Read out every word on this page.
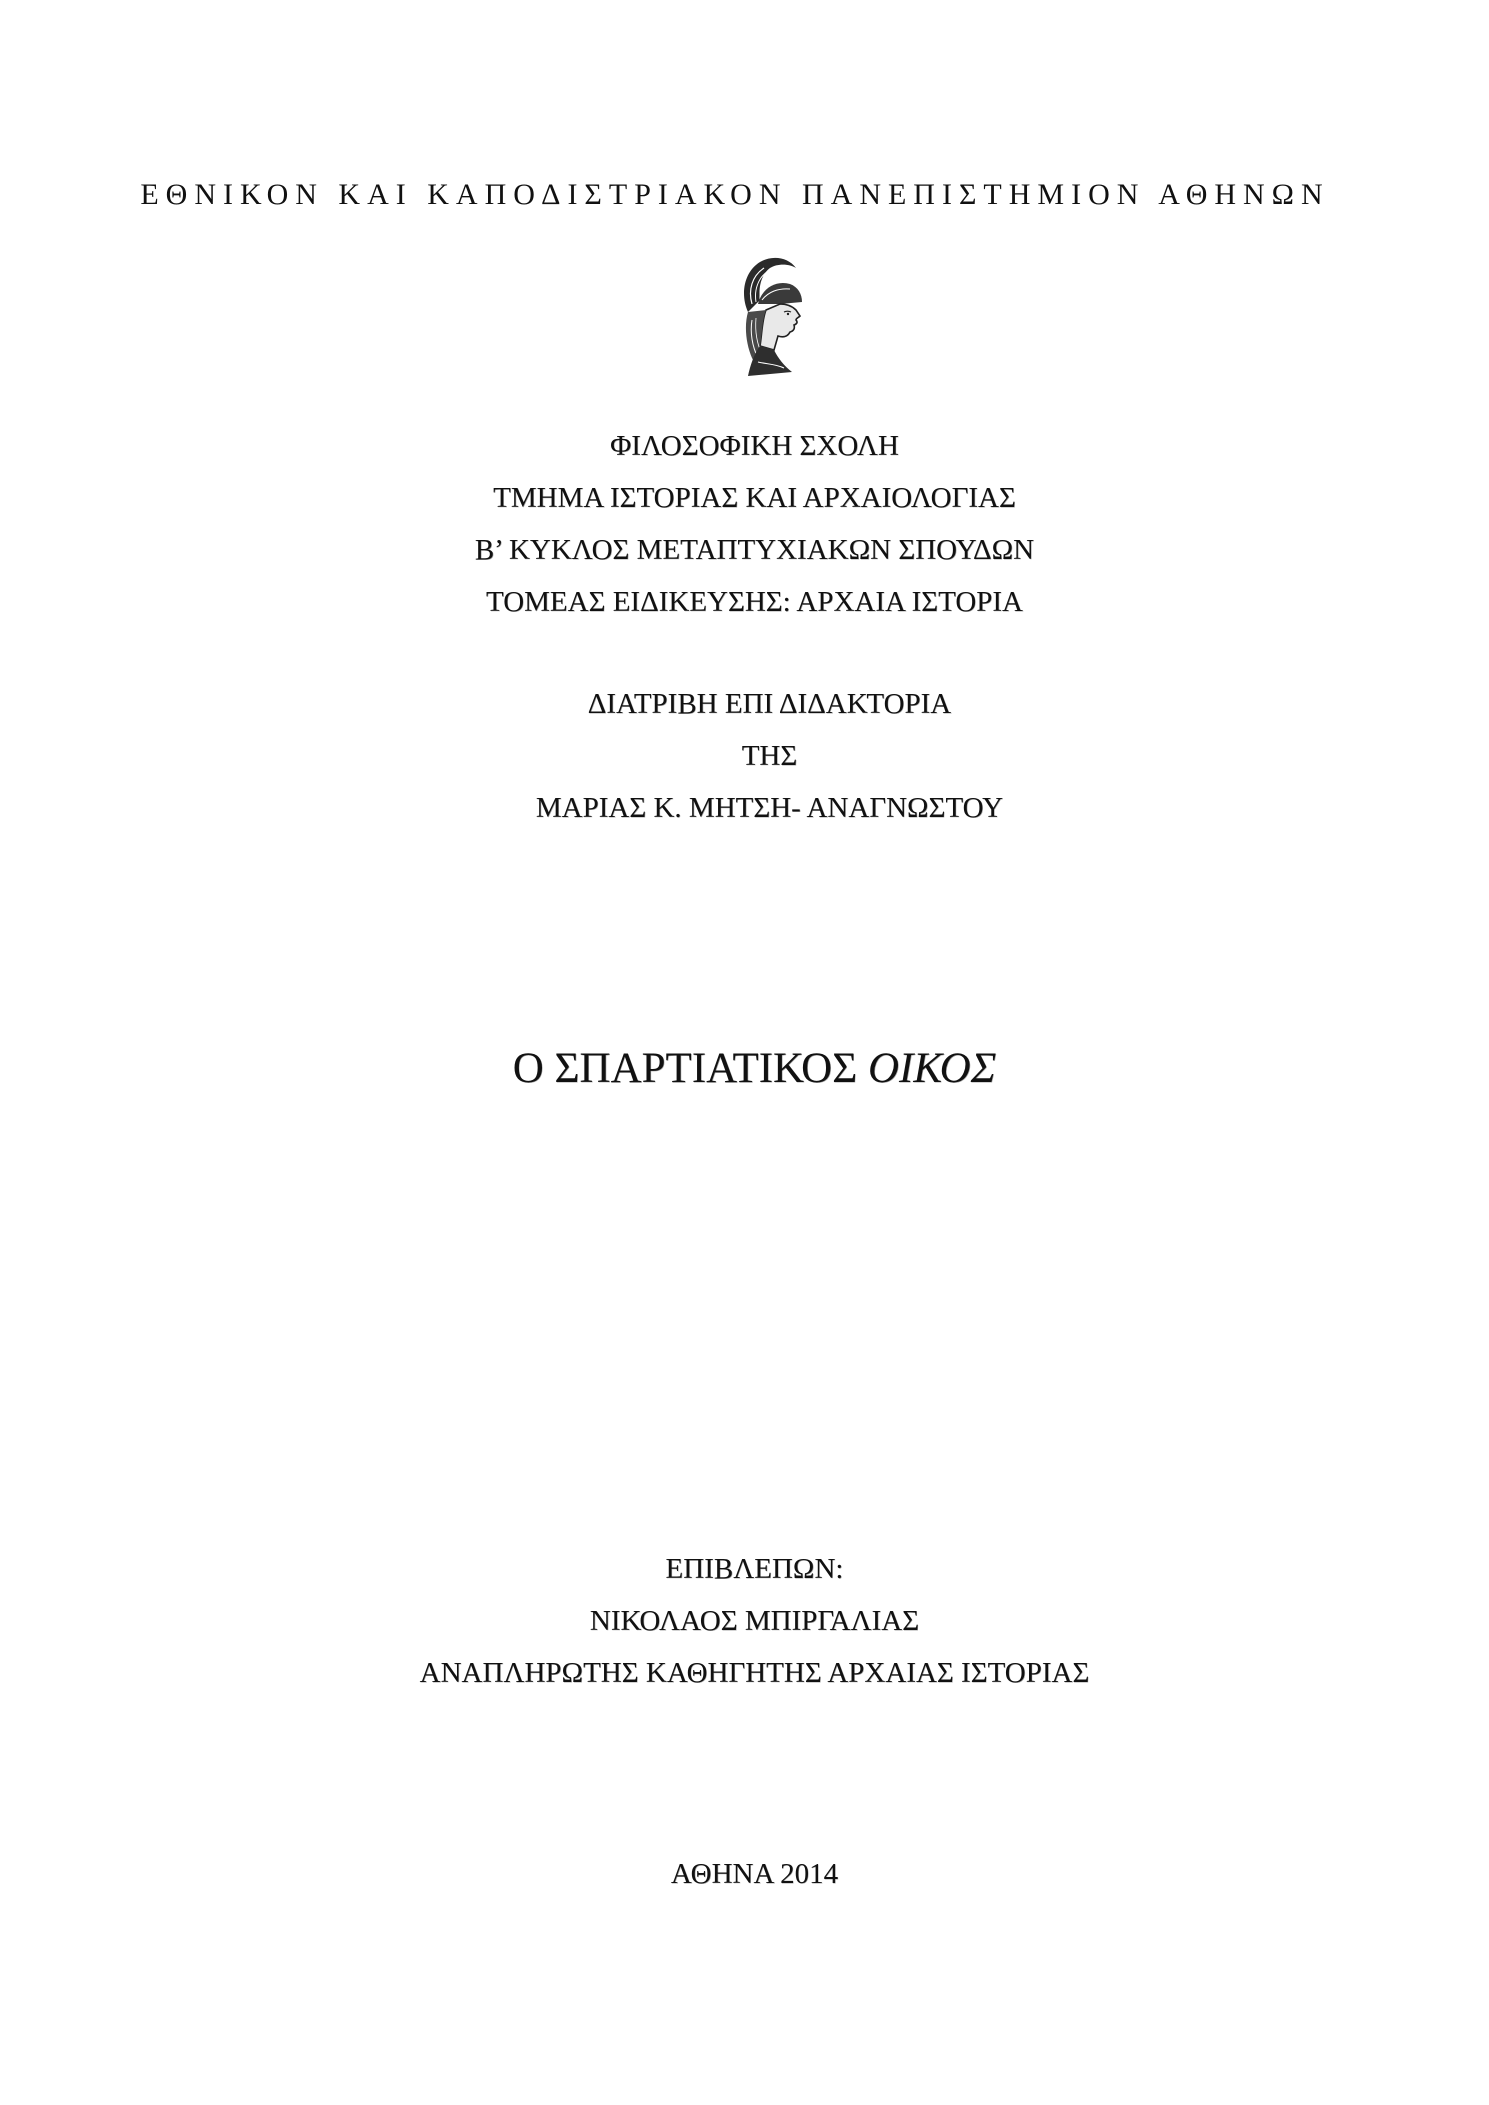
ΕΘΝΙΚΟΝ ΚΑΙ ΚΑΠΟΔΙΣΤΡΙΑΚΟΝ ΠΑΝΕΠΙΣΤΗΜΙΟΝ ΑΘΗΝΩΝ
ΦΙΛΟΣΟΦΙΚΗ ΣΧΟΛΗ
ΤΜΗΜΑ ΙΣΤΟΡΙΑΣ ΚΑΙ ΑΡΧΑΙΟΛΟΓΙΑΣ
Β’ ΚΥΚΛΟΣ ΜΕΤΑΠΤΥΧΙΑΚΩΝ ΣΠΟΥΔΩΝ
ΤΟΜΕΑΣ ΕΙΔΙΚΕΥΣΗΣ: ΑΡΧΑΙΑ ΙΣΤΟΡΙΑ
ΔΙΑΤΡΙΒΗ ΕΠΙ ΔΙΔΑΚΤΟΡΙΑ
ΤΗΣ
ΜΑΡΙΑΣ Κ. ΜΗΤΣΗ- ΑΝΑΓΝΩΣΤΟΥ
Ο ΣΠΑΡΤΙΑΤΙΚΟΣ ΟΙΚΟΣ
ΕΠΙΒΛΕΠΩΝ:
ΝΙΚΟΛΑΟΣ ΜΠΙΡΓΑΛΙΑΣ
ΑΝΑΠΛΗΡΩΤΗΣ ΚΑΘΗΓΗΤΗΣ ΑΡΧΑΙΑΣ ΙΣΤΟΡΙΑΣ
ΑΘΗΝΑ 2014
